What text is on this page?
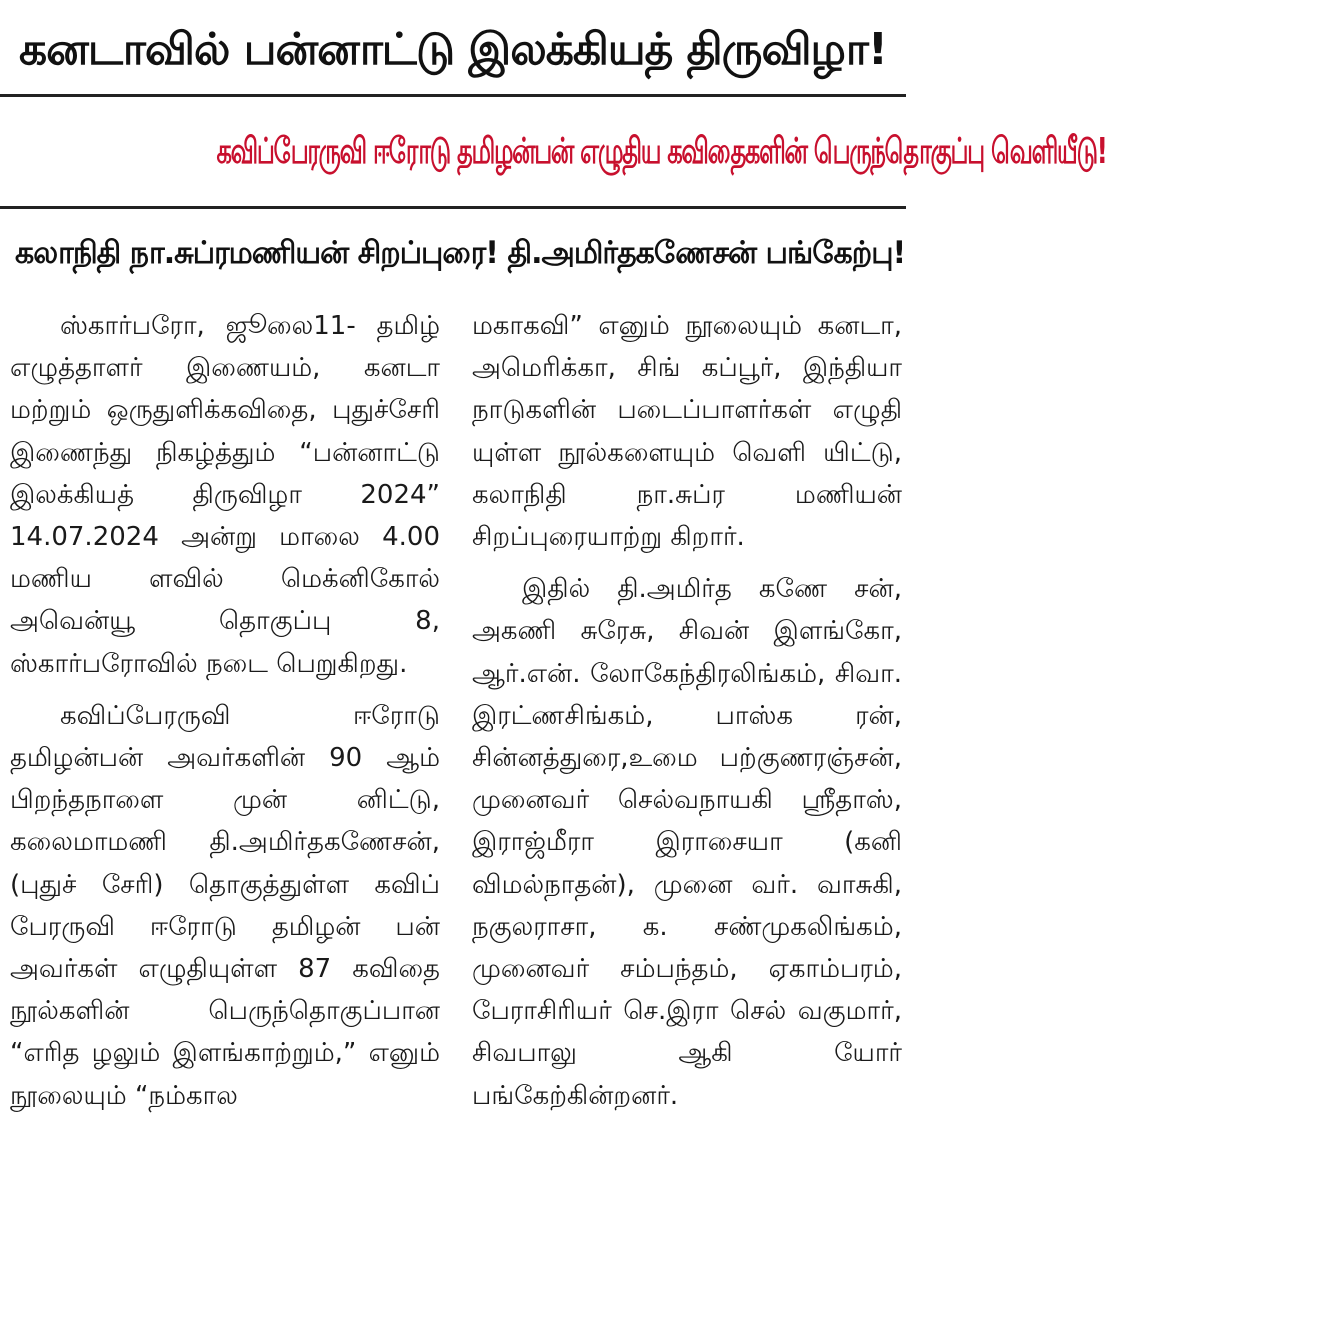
கனடாவில் பன்னாட்டு இலக்கியத் திருவிழா!
கவிப்பேரருவி ஈரோடு தமிழன்பன் எழுதிய கவிதைகளின் பெருந்தொகுப்பு வெளியீடு!
கலாநிதி நா.சுப்ரமணியன் சிறப்புரை! தி.அமிர்தகணேசன் பங்கேற்பு!

ஸ்கார்பரோ, ஜூலை11- தமிழ் எழுத்தாளர் இணையம், கனடா மற்றும் ஒருதுளிக்கவிதை, புதுச்சேரி இணைந்து நிகழ்த்தும் “பன்னாட்டு இலக்கியத் திருவிழா 2024” 14.07.2024 அன்று மாலை 4.00 மணிய ளவில் மெக்னிகோல் அவென்யூ தொகுப்பு 8, ஸ்கார்பரோவில் நடை பெறுகிறது.

கவிப்பேரருவி ஈரோடு தமிழன்பன் அவர்களின் 90 ஆம் பிறந்தநாளை முன் னிட்டு, கலைமாமணி தி.அமிர்தகணேசன், (புதுச் சேரி) தொகுத்துள்ள கவிப் பேரருவி ஈரோடு தமிழன் பன் அவர்கள் எழுதியுள்ள 87 கவிதை நூல்களின் பெருந்தொகுப்பான “எரித ழலும் இளங்காற்றும்,” எனும் நூலையும் “நம்கால

மகாகவி” எனும் நூலையும் கனடா, அமெரிக்கா, சிங் கப்பூர், இந்தியா நாடுகளின் படைப்பாளர்கள் எழுதி யுள்ள நூல்களையும் வெளி யிட்டு, கலாநிதி நா.சுப்ர மணியன் சிறப்புரையாற்று கிறார்.

இதில் தி.அமிர்த கணே சன், அகணி சுரேசு, சிவன் இளங்கோ, ஆர்.என். லோகேந்திரலிங்கம், சிவா. இரட்ணசிங்கம், பாஸ்க ரன், சின்னத்துரை,உமை பற்குணரஞ்சன், முனைவர் செல்வநாயகி ஸ்ரீதாஸ், இராஜ்மீரா இராசையா (கனி விமல்நாதன்), முனை வர். வாசுகி, நகுலராசா, க. சண்முகலிங்கம், முனைவர் சம்பந்தம், ஏகாம்பரம், பேராசிரியர் செ.இரா செல் வகுமார், சிவபாலு ஆகி யோர் பங்கேற்கின்றனர்.
